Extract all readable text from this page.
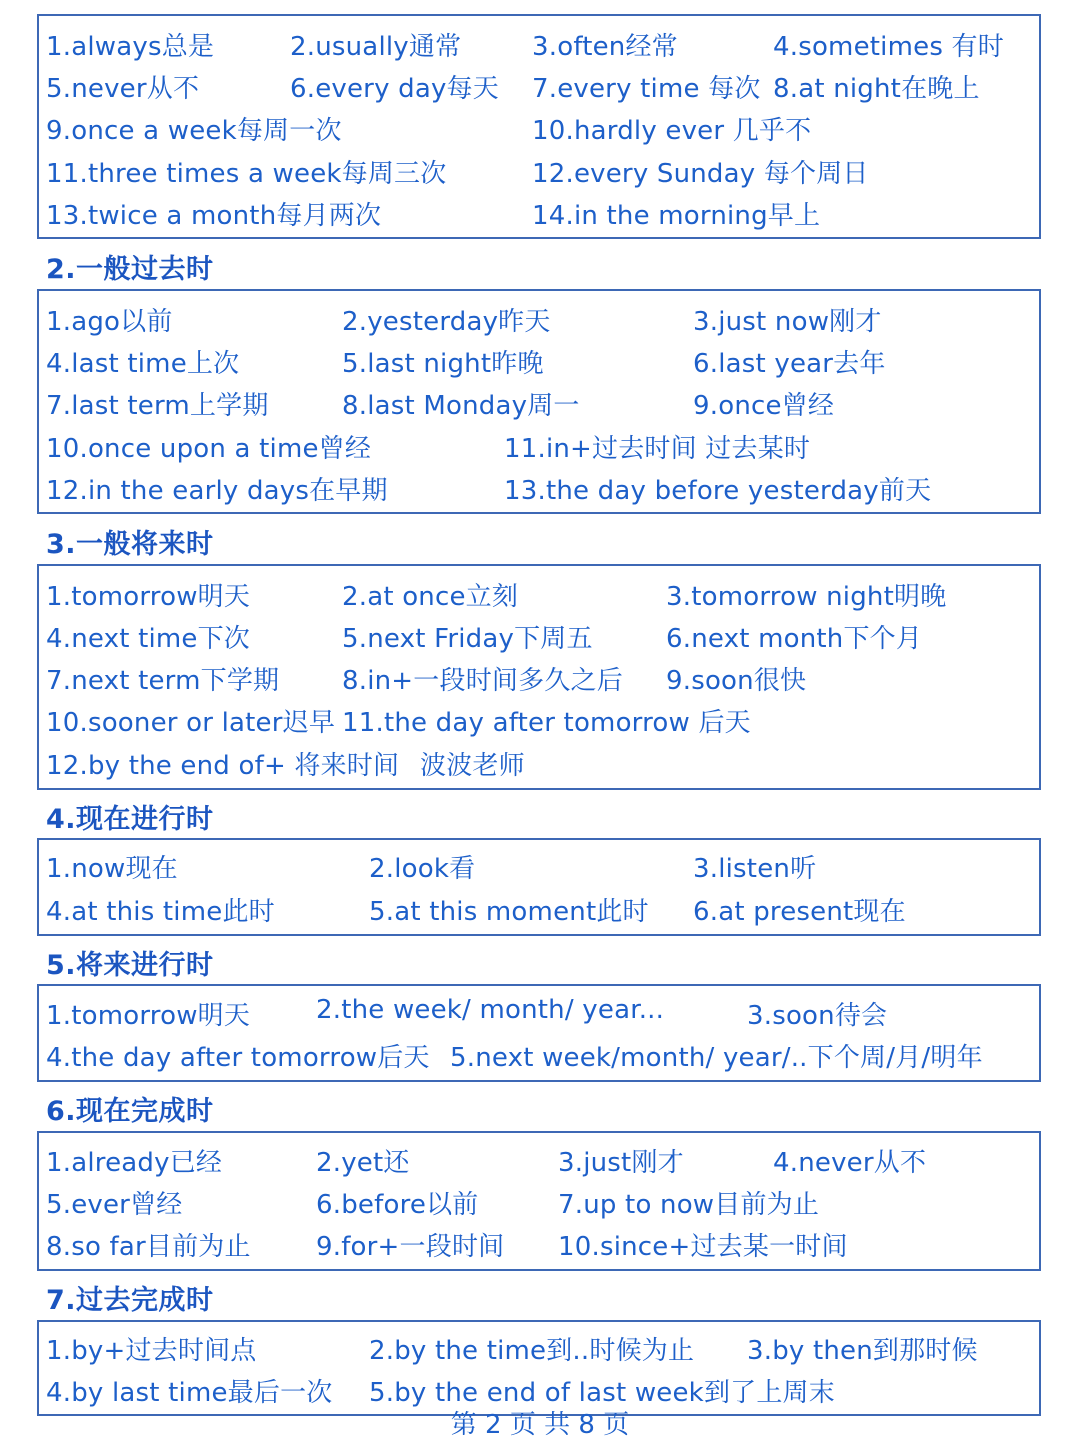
1.always总是	2.usually通常	3.often经常	4.sometimes 有时
5.never从不	6.every day每天 7.every time 每次 8.at night在晚上
9.once a week每周一次	10.hardly ever 几乎不
11.three times a week每周三次	12.every Sunday 每个周日
13.twice a month每月两次	14.in the morning早上
2.一般过去时
1.ago以前	2.yesterday昨天	3.just now刚才
4.last time上次	5.last night昨晚	6.last year去年
7.last term上学期	8.last Monday周一	9.once曾经
10.once upon a time曾经	11.in+过去时间 过去某时
12.in the early days在早期	13.the day before yesterday前天
3.一般将来时
1.tomorrow明天	2.at once立刻	3.tomorrow night明晚
4.next time下次	5.next Friday下周五	6.next month下个月
7.next term下学期 8.in+一段时间多久之后 9.soon很快
10.sooner or later迟早 11.the day after tomorrow 后天
12.by the end of+ 将来时间 波波老师
4.现在进行时
1.now现在	2.look看	3.listen听
4.at this time此时	5.at this moment此时 6.at present现在
5.将来进行时
1.tomorrow明天	2.the week/ month/ year...	3.soon待会
4.the day after tomorrow后天 5.next week/month/ year/..下个周/月/明年
6.现在完成时
1.already已经	2.yet还	3.just刚才	4.never从不
5.ever曾经	6.before以前	7.up to now目前为止
8.so far目前为止	9.for+一段时间 10.since+过去某一时间
7.过去完成时
1.by+过去时间点	2.by the time到..时候为止 3.by then到那时候
4.by last time最后一次 5.by the end of last week到了上周末
第 2 页 共 8 页
